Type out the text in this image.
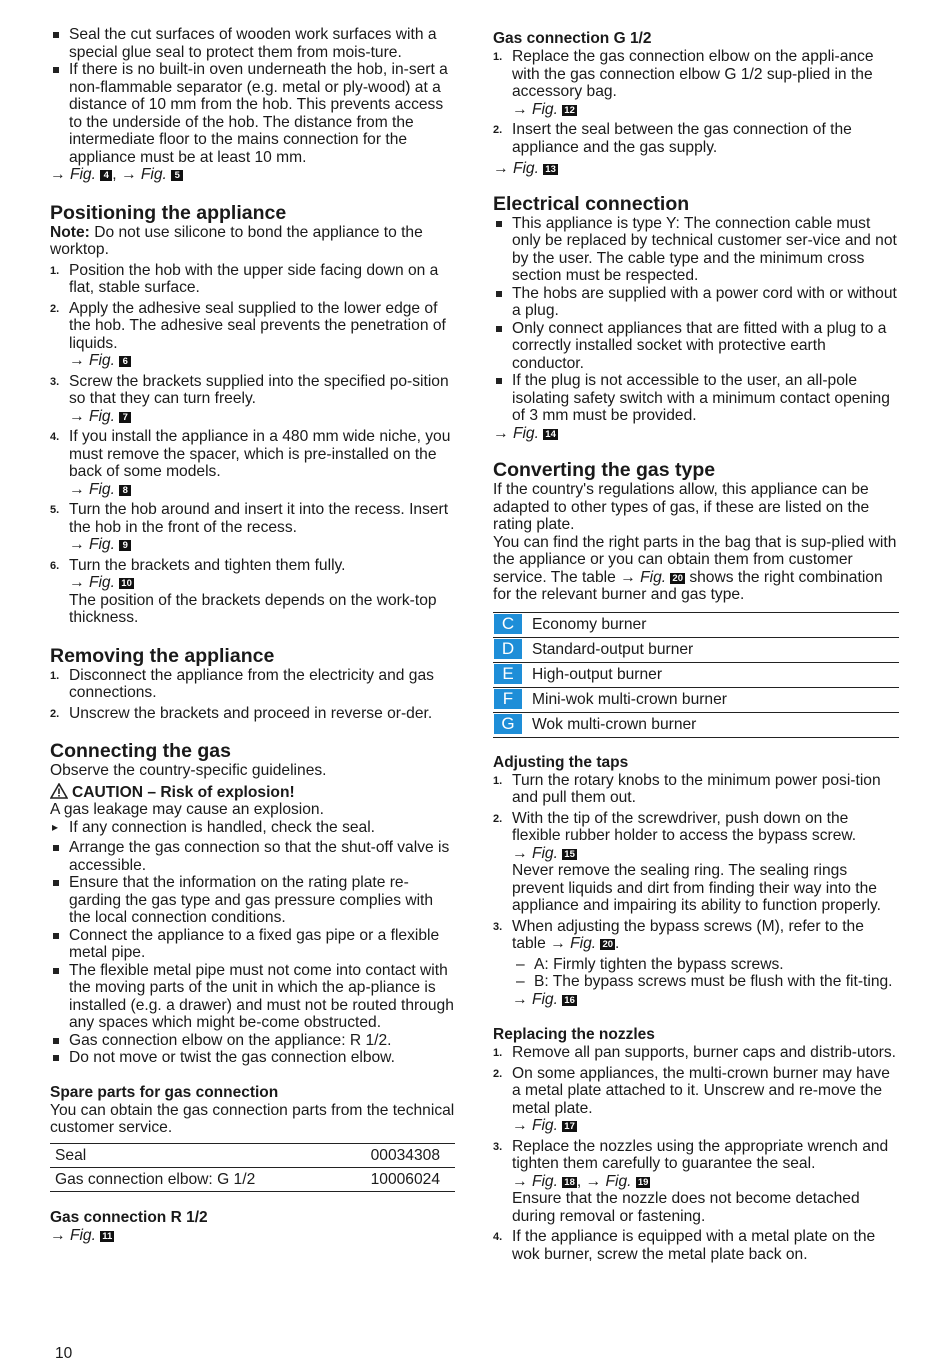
Seal the cut surfaces of wooden work surfaces with a special glue seal to protect them from mois-ture.
If there is no built-in oven underneath the hob, in-sert a non-flammable separator (e.g. metal or ply-wood) at a distance of 10 mm from the hob. This prevents access to the underside of the hob. The distance from the intermediate floor to the mains connection for the appliance must be at least 10 mm.

→ Fig. 4 , → Fig. 5

Positioning the appliance

Note: Do not use silicone to bond the appliance to the worktop.

1. Position the hob with the upper side facing down on a flat, stable surface.
2. Apply the adhesive seal supplied to the lower edge of the hob. The adhesive seal prevents the penetration of liquids.
→ Fig. 6
3. Screw the brackets supplied into the specified po-sition so that they can turn freely.
→ Fig. 7
4. If you install the appliance in a 480 mm wide niche, you must remove the spacer, which is pre-installed on the back of some models.
→ Fig. 8
5. Turn the hob around and insert it into the recess. Insert the hob in the front of the recess.
→ Fig. 9
6. Turn the brackets and tighten them fully.
→ Fig. 10
The position of the brackets depends on the work-top thickness.
Removing the appliance
1. Disconnect the appliance from the electricity and gas connections.
2. Unscrew the brackets and proceed in reverse or-der.
Connecting the gas

Observe the country-specific guidelines.

CAUTION – Risk of explosion!

A gas leakage may cause an explosion.

▸ If any connection is handled, check the seal.
Arrange the gas connection so that the shut-off valve is accessible.
Ensure that the information on the rating plate re-garding the gas type and gas pressure complies with the local connection conditions.
Connect the appliance to a fixed gas pipe or a flexible metal pipe.
The flexible metal pipe must not come into contact with the moving parts of the unit in which the ap-pliance is installed (e.g. a drawer) and must not be routed through any spaces which might be-come obstructed.
Gas connection elbow on the appliance: R 1/2.
Do not move or twist the gas connection elbow.
Spare parts for gas connection

You can obtain the gas connection parts from the technical customer service.

Seal	00034308
Gas connection elbow: G 1/2	10006024
Gas connection R 1/2

→ Fig. 11

Gas connection G 1/2
1. Replace the gas connection elbow on the appli-ance with the gas connection elbow G 1/2 sup-plied in the accessory bag.
→ Fig. 12
2. Insert the seal between the gas connection of the appliance and the gas supply.

→ Fig. 13

Electrical connection
This appliance is type Y: The connection cable must only be replaced by technical customer ser-vice and not by the user. The cable type and the minimum cross section must be respected.
The hobs are supplied with a power cord with or without a plug.
Only connect appliances that are fitted with a plug to a correctly installed socket with protective earth conductor.
If the plug is not accessible to the user, an all-pole isolating safety switch with a minimum contact opening of 3 mm must be provided.

→ Fig. 14

Converting the gas type

If the country's regulations allow, this appliance can be adapted to other types of gas, if these are listed on the rating plate.

You can find the right parts in the bag that is sup-plied with the appliance or you can obtain them from customer service. The table → Fig. 20 shows the right combination for the relevant burner and gas type.

C Economy burner
D Standard-output burner
E High-output burner
F Mini-wok multi-crown burner
G Wok multi-crown burner
Adjusting the taps
1. Turn the rotary knobs to the minimum power posi-tion and pull them out.
2. With the tip of the screwdriver, push down on the flexible rubber holder to access the bypass screw.
→ Fig. 15
Never remove the sealing ring. The sealing rings prevent liquids and dirt from finding their way into the appliance and impairing its ability to function properly.
3. When adjusting the bypass screws (M), refer to the table → Fig. 20 .
– A: Firmly tighten the bypass screws.
– B: The bypass screws must be flush with the fit-ting.
→ Fig. 16
Replacing the nozzles
1. Remove all pan supports, burner caps and distrib-utors.
2. On some appliances, the multi-crown burner may have a metal plate attached to it. Unscrew and re-move the metal plate.
→ Fig. 17
3. Replace the nozzles using the appropriate wrench and tighten them carefully to guarantee the seal.
→ Fig. 18 , → Fig. 19
Ensure that the nozzle does not become detached during removal or fastening.
4. If the appliance is equipped with a metal plate on the wok burner, screw the metal plate back on.
10
